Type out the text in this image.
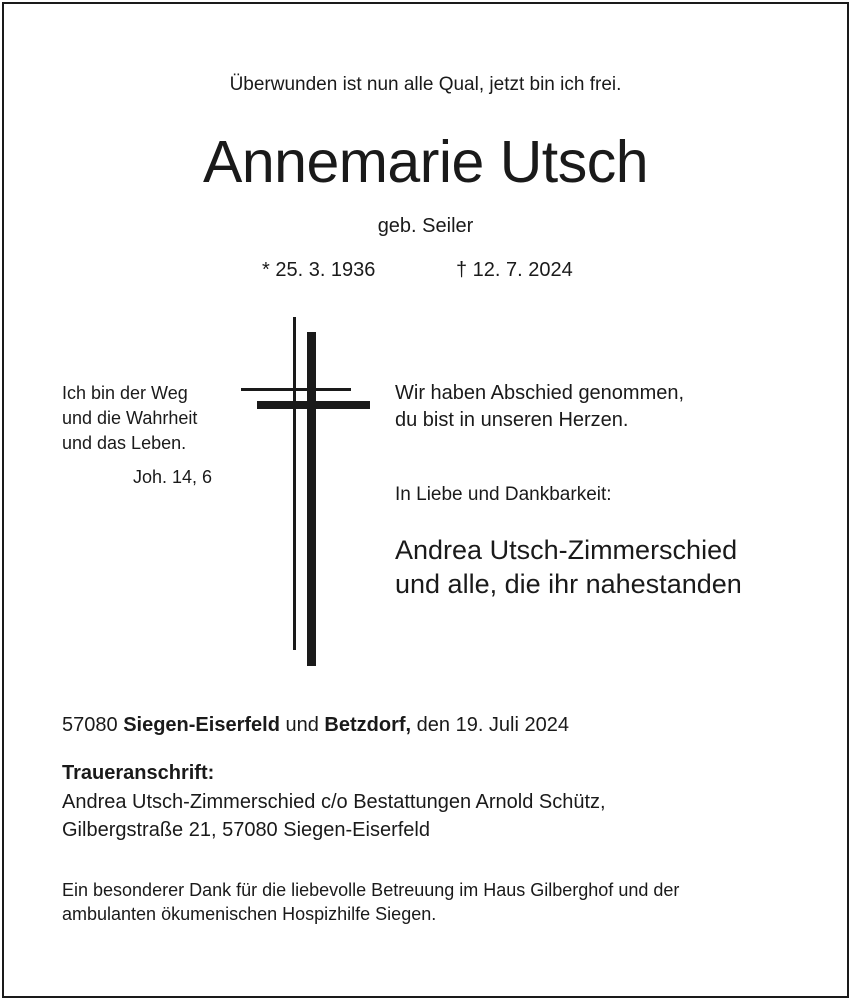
Überwunden ist nun alle Qual, jetzt bin ich frei.
Annemarie Utsch
geb. Seiler
* 25. 3. 1936	† 12. 7. 2024
Ich bin der Weg
und die Wahrheit
und das Leben.
Joh. 14, 6
Wir haben Abschied genommen,
du bist in unseren Herzen.
In Liebe und Dankbarkeit:
Andrea Utsch-Zimmerschied
und alle, die ihr nahestanden
57080 Siegen-Eiserfeld und Betzdorf, den 19. Juli 2024
Traueranschrift:
Andrea Utsch-Zimmerschied c/o Bestattungen Arnold Schütz,
Gilbergstraße 21, 57080 Siegen-Eiserfeld
Ein besonderer Dank für die liebevolle Betreuung im Haus Gilberghof und der
ambulanten ökumenischen Hospizhilfe Siegen.
